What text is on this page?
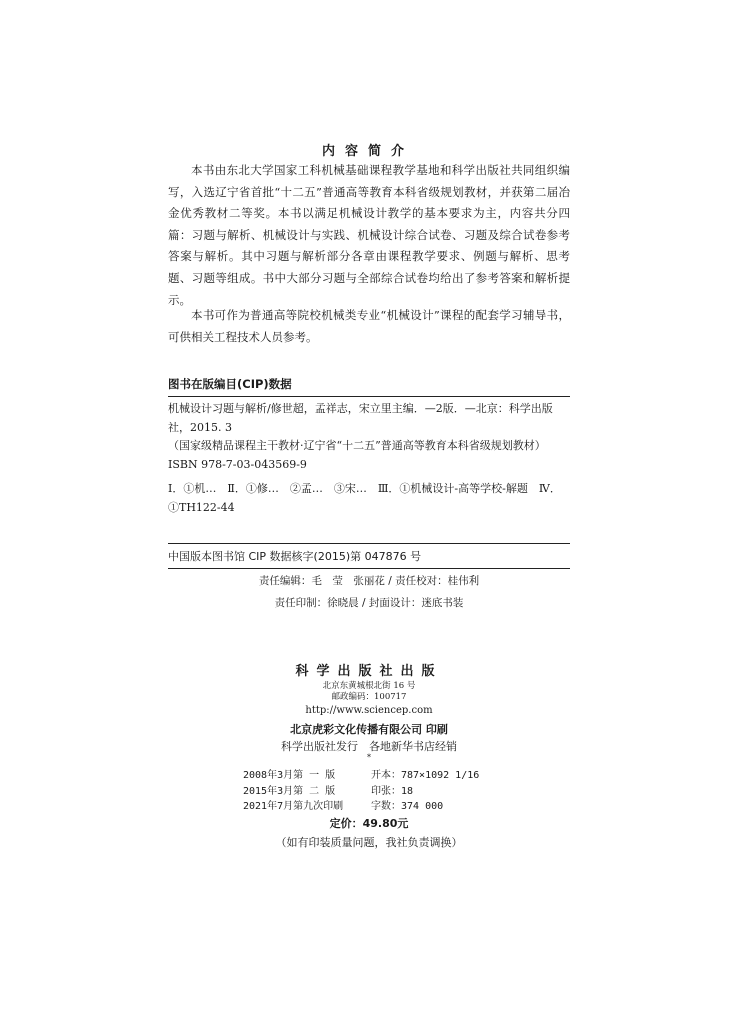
内容简介

本书由东北大学国家工科机械基础课程教学基地和科学出版社共同组织编写，入选辽宁省首批“十二五”普通高等教育本科省级规划教材，并获第二届冶金优秀教材二等奖。本书以满足机械设计教学的基本要求为主，内容共分四篇：习题与解析、机械设计与实践、机械设计综合试卷、习题及综合试卷参考答案与解析。其中习题与解析部分各章由课程教学要求、例题与解析、思考题、习题等组成。书中大部分习题与全部综合试卷均给出了参考答案和解析提示。

本书可作为普通高等院校机械类专业“机械设计”课程的配套学习辅导书，可供相关工程技术人员参考。

图书在版编目(CIP)数据

机械设计习题与解析/修世超，孟祥志，宋立里主编．—2版．—北京：科学出版社，2015. 3

（国家级精品课程主干教材·辽宁省“十二五”普通高等教育本科省级规划教材）

ISBN 978-7-03-043569-9

Ⅰ．①机…　Ⅱ．①修…　②孟…　③宋…　Ⅲ．①机械设计-高等学校-解题　Ⅳ．①TH122-44

中国版本图书馆 CIP 数据核字(2015)第 047876 号
责任编辑：毛　莹　张丽花 / 责任校对：桂伟利
责任印制：徐晓晨 / 封面设计：迷底书装

科学出版社出版

北京东黄城根北街 16 号

邮政编码：100717

http://www.sciencep.com

北京虎彩文化传播有限公司 印刷

科学出版社发行　各地新华书店经销

*

2008年3月第 一 版	开本：787×1092 1/16
2015年3月第 二 版	印张：18
2021年7月第九次印刷	字数：374 000
定价：49.80元
（如有印装质量问题，我社负责调换）
